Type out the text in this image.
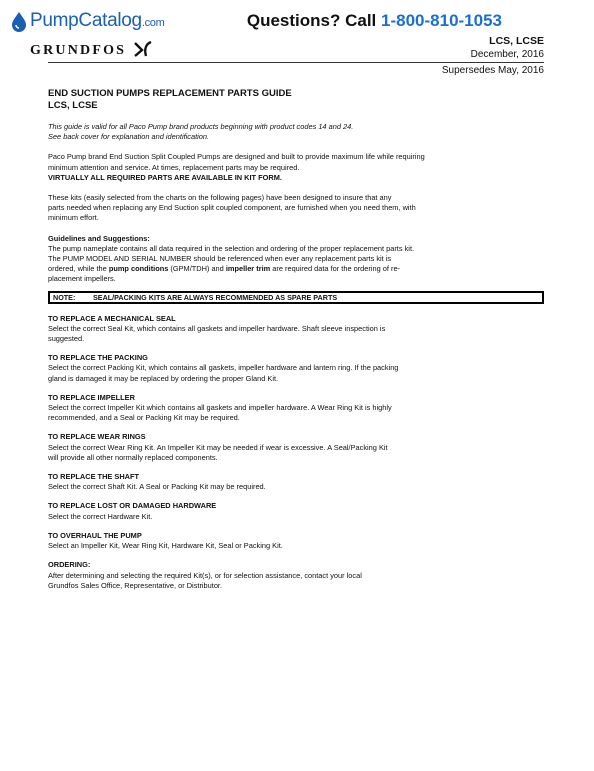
PumpCatalog.com
GRUNDFOS
Questions? Call 1-800-810-1053
LCS, LCSE
December, 2016
Supersedes May, 2016
END SUCTION PUMPS REPLACEMENT PARTS GUIDE
LCS, LCSE

This guide is valid for all Paco Pump brand products beginning with product codes 14 and 24.

See back cover for explanation and identification.

Paco Pump brand End Suction Split Coupled Pumps are designed and built to provide maximum life while requiring

minimum attention and service. At times, replacement parts may be required.

VIRTUALLY ALL REQUIRED PARTS ARE AVAILABLE IN KIT FORM.

These kits (easily selected from the charts on the following pages) have been designed to insure that any

parts needed when replacing any End Suction split coupled component, are furnished when you need them, with

minimum effort.

Guidelines and Suggestions:

The pump nameplate contains all data required in the selection and ordering of the proper replacement parts kit.

The PUMP MODEL AND SERIAL NUMBER should be referenced when ever any replacement parts kit is

ordered, while the pump conditions (GPM/TDH) and impeller trim are required data for the ordering of re-

placement impellers.

NOTE: SEAL/PACKING KITS ARE ALWAYS RECOMMENDED AS SPARE PARTS

TO REPLACE A MECHANICAL SEAL

Select the correct Seal Kit, which contains all gaskets and impeller hardware. Shaft sleeve inspection is

suggested.

TO REPLACE THE PACKING

Select the correct Packing Kit, which contains all gaskets, impeller hardware and lantern ring. If the packing

gland is damaged it may be replaced by ordering the proper Gland Kit.

TO REPLACE IMPELLER

Select the correct Impeller Kit which contains all gaskets and impeller hardware. A Wear Ring Kit is highly

recommended, and a Seal or Packing Kit may be required.

TO REPLACE WEAR RINGS

Select the correct Wear Ring Kit. An Impeller Kit may be needed if wear is excessive. A Seal/Packing Kit

will provide all other normally replaced components.

TO REPLACE THE SHAFT

Select the correct Shaft Kit. A Seal or Packing Kit may be required.

TO REPLACE LOST OR DAMAGED HARDWARE

Select the correct Hardware Kit.

TO OVERHAUL THE PUMP

Select an Impeller Kit, Wear Ring Kit, Hardware Kit, Seal or Packing Kit.

ORDERING:

After determining and selecting the required Kit(s), or for selection assistance, contact your local

Grundfos Sales Office, Representative, or Distributor.
